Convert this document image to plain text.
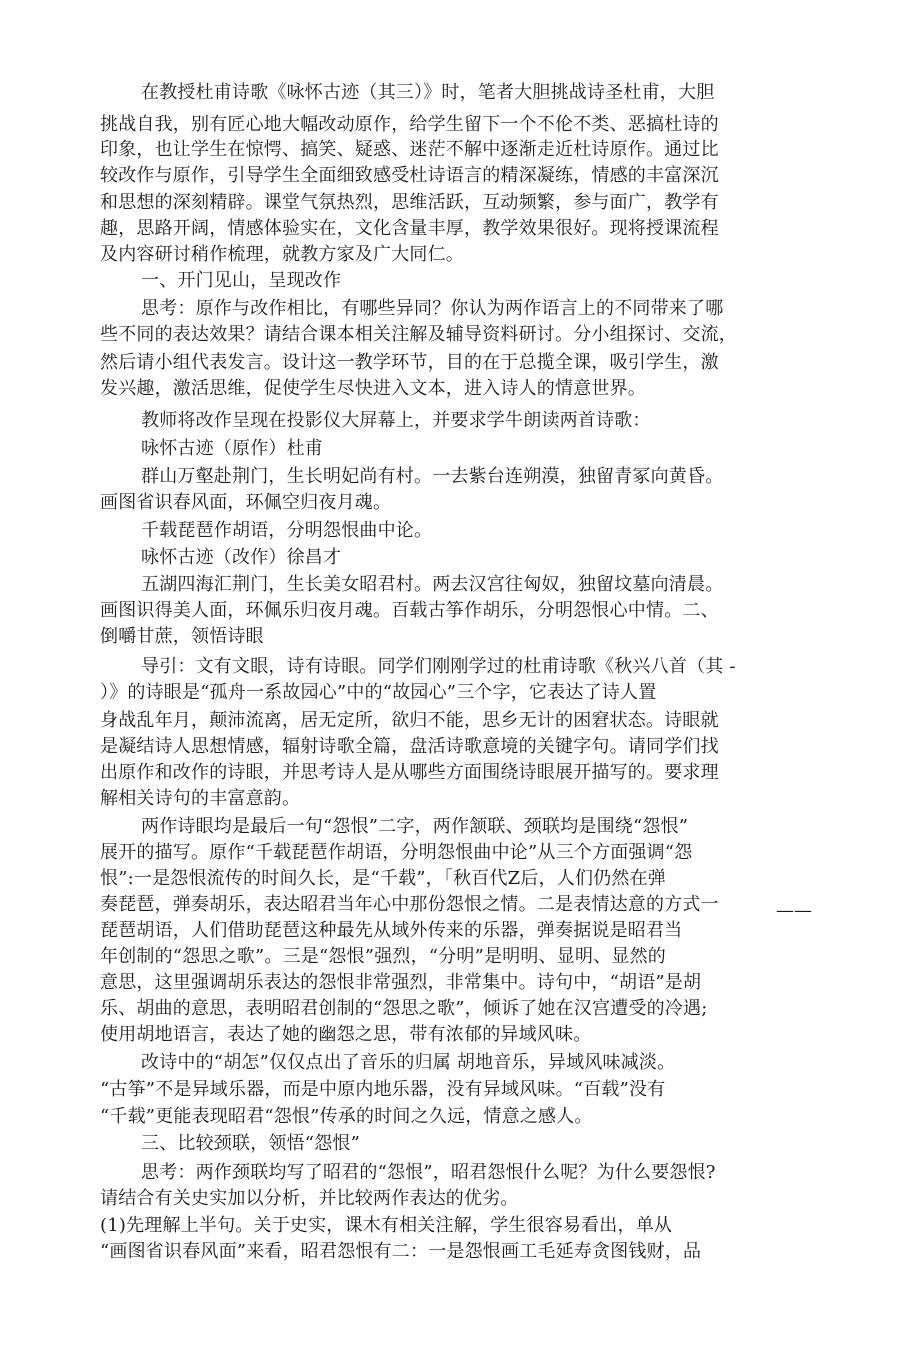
在教授杜甫诗歌《咏怀古迹（其三）》时，笔者大胆挑战诗圣杜甫，大胆
挑战自我，别有匠心地大幅改动原作，给学生留下一个不伦不类、恶搞杜诗的
印象，也让学生在惊愕、搞笑、疑惑、迷茫不解中逐渐走近杜诗原作。通过比
较改作与原作，引导学生全面细致感受杜诗语言的精深凝练，情感的丰富深沉
和思想的深刻精辟。课堂气氛热烈，思维活跃，互动频繁，参与面广，教学有
趣，思路开阔，情感体验实在，文化含量丰厚，教学效果很好。现将授课流程
及内容研讨稍作梳理，就教方家及广大同仁。
一、开门见山，呈现改作
思考：原作与改作相比，有哪些异同？你认为两作语言上的不同带来了哪
些不同的表达效果？请结合课本相关注解及辅导资料研讨。分小组探讨、交流，
然后请小组代表发言。设计这一教学环节，目的在于总揽全课，吸引学生，激
发兴趣，激活思维，促使学生尽快进入文本，进入诗人的情意世界。
教师将改作呈现在投影仪大屏幕上，并要求学牛朗读两首诗歌：
咏怀古迹（原作）杜甫
群山万壑赴荆门，生长明妃尚有村。一去紫台连朔漠，独留青冢向黄昏。
画图省识春风面，环佩空归夜月魂。
千载琵琶作胡语，分明怨恨曲中论。
咏怀古迹（改作）徐昌才
五湖四海汇荆门，生长美女昭君村。两去汉宫往匈奴，独留坟墓向清晨。
画图识得美人面，环佩乐归夜月魂。百载古筝作胡乐，分明怨恨心中情。二、
倒嚼甘蔗，领悟诗眼
导引：文有文眼，诗有诗眼。同学们刚刚学过的杜甫诗歌《秋兴八首（其 -
）》的诗眼是“孤舟一系故园心”中的“故园心”三个字，它表达了诗人置
身战乱年月，颠沛流离，居无定所，欲归不能，思乡无计的困窘状态。诗眼就
是凝结诗人思想情感，辐射诗歌全篇，盘活诗歌意境的关键字句。请同学们找
出原作和改作的诗眼，并思考诗人是从哪些方面围绕诗眼展开描写的。要求理
解相关诗句的丰富意韵。
两作诗眼均是最后一句“怨恨”二字，两作颔联、颈联均是围绕“怨恨”
展开的描写。原作“千载琵琶作胡语，分明怨恨曲中论”从三个方面强调“怨
恨”:一是怨恨流传的时间久长，是“千载”，「秋百代Z后，人们仍然在弹
奏琵琶，弹奏胡乐，表达昭君当年心中那份怨恨之情。二是表情达意的方式一
琵琶胡语，人们借助琵琶这种最先从域外传来的乐器，弹奏据说是昭君当
年创制的“怨思之歌”。三是“怨恨”强烈，“分明”是明明、显明、显然的
意思，这里强调胡乐表达的怨恨非常强烈，非常集中。诗句中，“胡语”是胡
乐、胡曲的意思，表明昭君创制的“怨思之歌”，倾诉了她在汉宫遭受的冷遇;
使用胡地语言，表达了她的幽怨之思，带有浓郁的异域风味。
改诗中的“胡怎”仅仅点出了音乐的归属 胡地音乐，异域风味减淡。
“古筝”不是异域乐器，而是中原内地乐器，没有异域风味。“百载”没有
“千载”更能表现昭君“怨恨”传承的时间之久远，情意之感人。
三、比较颈联，领悟“怨恨”
思考：两作颈联均写了昭君的“怨恨”，昭君怨恨什么呢？为什么要怨恨?
请结合有关史实加以分析，并比较两作表达的优劣。
(1)先理解上半句。关于史实，课木有相关注解，学生很容易看出，单从
“画图省识春风面”来看，昭君怨恨有二：一是怨恨画工毛延寿贪图钱财，品
——
